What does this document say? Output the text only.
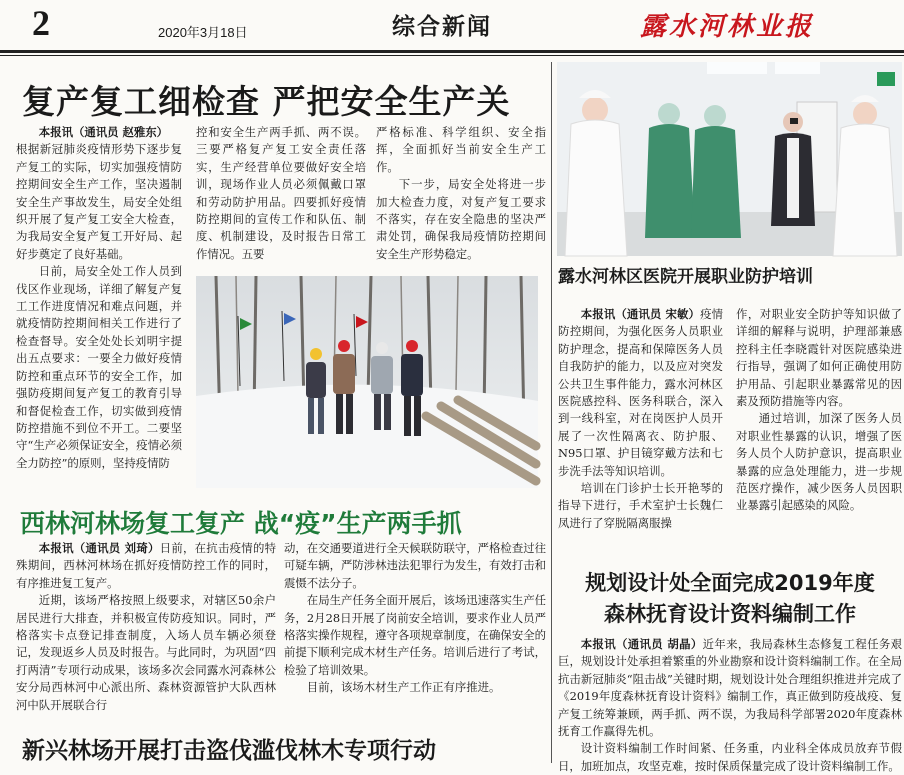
2	2020年3月18日	综合新闻	露水河林业报
复产复工细检查 严把安全生产关

本报讯（通讯员 赵雅东）

根据新冠肺炎疫情形势下逐步复产复工的实际，切实加强疫情防控期间安全生产工作，坚决遏制安全生产事故发生，局安全处组织开展了复产复工安全大检查，为我局安全复产复工开好局、起好步奠定了良好基础。

日前，局安全处工作人员到伐区作业现场，详细了解复产复工工作进度情况和难点问题，并就疫情防控期间相关工作进行了检查督导。安全处处长刘明宇提出五点要求：一要全力做好疫情防控和重点环节的安全工作，加强防疫期间复产复工的教育引导和督促检查工作，切实做到疫情防控措施不到位不开工。二要坚守“生产必须保证安全，疫情必须全力防控”的原则，坚持疫情防

控和安全生产两手抓、两不误。三要严格复产复工安全责任落实，生产经营单位要做好安全培训，现场作业人员必须佩戴口罩和劳动防护用品。四要抓好疫情防控期间的宣传工作和队伍、制度、机制建设，及时报告日常工作情况。五要

严格标准、科学组织、安全指挥，全面抓好当前安全生产工作。

下一步，局安全处将进一步加大检查力度，对复产复工要求不落实，存在安全隐患的坚决严肃处罚，确保我局疫情防控期间安全生产形势稳定。

西林河林场复工复产 战“疫”生产两手抓

本报讯（通讯员 刘琦）日前，在抗击疫情的特殊期间，西林河林场在抓好疫情防控工作的同时，有序推进复工复产。

近期，该场严格按照上级要求，对辖区50余户居民进行大排查，并积极宣传防疫知识。同时，严格落实卡点登记排查制度，入场人员车辆必须登记，发现返乡人员及时报告。与此同时，为巩固“四打两清”专项行动成果，该场多次会同露水河森林公安分局西林河中心派出所、森林资源管护大队西林河中队开展联合行

动，在交通要道进行全天候联防联守，严格检查过往可疑车辆，严防涉林违法犯罪行为发生，有效打击和震慑不法分子。

在局生产任务全面开展后，该场迅速落实生产任务，2月28日开展了岗前安全培训，要求作业人员严格落实操作规程，遵守各项规章制度，在确保安全的前提下顺利完成木材生产任务。培训后进行了考试，检验了培训效果。

目前，该场木材生产工作正有序推进。

新兴林场开展打击盗伐滥伐林木专项行动
露水河林区医院开展职业防护培训

本报讯（通讯员 宋敏）疫情防控期间，为强化医务人员职业防护理念，提高和保障医务人员自我防护的能力，以及应对突发公共卫生事件能力，露水河林区医院感控科、医务科联合，深入到一线科室，对在岗医护人员开展了一次性隔离衣、防护服、N95口罩、护目镜穿戴方法和七步洗手法等知识培训。

培训在门诊护士长开艳琴的指导下进行，手术室护士长魏仁凤进行了穿脱隔离服操

作，对职业安全防护等知识做了详细的解释与说明，护理部兼感控科主任李晓霞针对医院感染进行指导，强调了如何正确使用防护用品、引起职业暴露常见的因素及预防措施等内容。

通过培训，加深了医务人员对职业性暴露的认识，增强了医务人员个人防护意识，提高职业暴露的应急处理能力，进一步规范医疗操作，减少医务人员因职业暴露引起感染的风险。

规划设计处全面完成2019年度
森林抚育设计资料编制工作

本报讯（通讯员 胡晶）近年来，我局森林生态修复工程任务艰巨，规划设计处承担着繁重的外业勘察和设计资料编制工作。在全局抗击新冠肺炎“阻击战”关键时期，规划设计处合理组织推进并完成了《2019年度森林抚育设计资料》编制工作，真正做到防疫战疫、复产复工统筹兼顾，两手抓、两不误，为我局科学部署2020年度森林抚育工作赢得先机。

设计资料编制工作时间紧、任务重，内业科全体成员放弃节假日，加班加点，攻坚克难，按时保质保量完成了设计资料编制工作。
